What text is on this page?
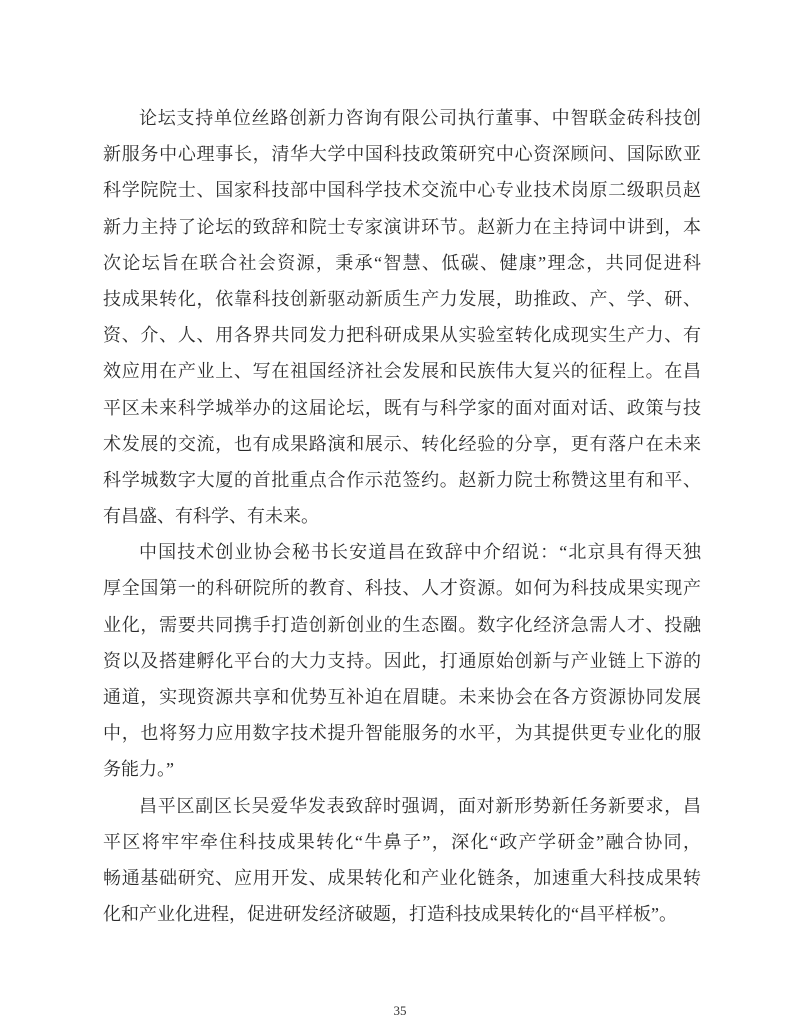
论坛支持单位丝路创新力咨询有限公司执行董事、中智联金砖科技创
新服务中心理事长，清华大学中国科技政策研究中心资深顾问、国际欧亚
科学院院士、国家科技部中国科学技术交流中心专业技术岗原二级职员赵
新力主持了论坛的致辞和院士专家演讲环节。赵新力在主持词中讲到，本
次论坛旨在联合社会资源，秉承“智慧、低碳、健康”理念，共同促进科
技成果转化，依靠科技创新驱动新质生产力发展，助推政、产、学、研、
资、介、人、用各界共同发力把科研成果从实验室转化成现实生产力、有
效应用在产业上、写在祖国经济社会发展和民族伟大复兴的征程上。在昌
平区未来科学城举办的这届论坛，既有与科学家的面对面对话、政策与技
术发展的交流，也有成果路演和展示、转化经验的分享，更有落户在未来
科学城数字大厦的首批重点合作示范签约。赵新力院士称赞这里有和平、
有昌盛、有科学、有未来。
中国技术创业协会秘书长安道昌在致辞中介绍说：“北京具有得天独
厚全国第一的科研院所的教育、科技、人才资源。如何为科技成果实现产
业化，需要共同携手打造创新创业的生态圈。数字化经济急需人才、投融
资以及搭建孵化平台的大力支持。因此，打通原始创新与产业链上下游的
通道，实现资源共享和优势互补迫在眉睫。未来协会在各方资源协同发展
中，也将努力应用数字技术提升智能服务的水平，为其提供更专业化的服
务能力。”
昌平区副区长吴爱华发表致辞时强调，面对新形势新任务新要求，昌
平区将牢牢牵住科技成果转化“牛鼻子”，深化“政产学研金”融合协同，
畅通基础研究、应用开发、成果转化和产业化链条，加速重大科技成果转
化和产业化进程，促进研发经济破题，打造科技成果转化的“昌平样板”。
35
